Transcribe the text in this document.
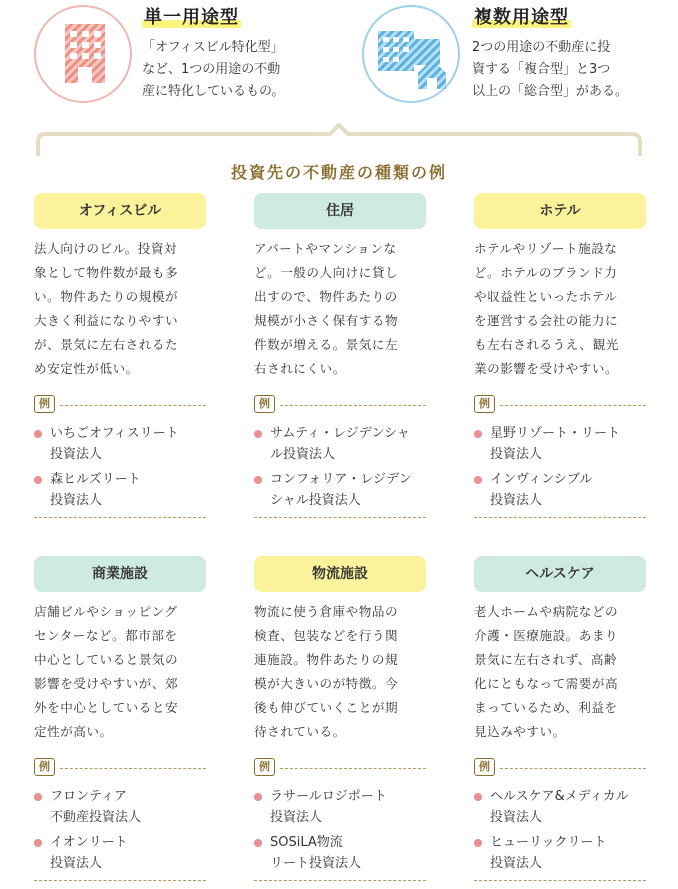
単一用途型
「オフィスビル特化型」
など、1つの用途の不動
産に特化しているもの。
複数用途型
2つの用途の不動産に投
資する「複合型」と3つ
以上の「総合型」がある。
投資先の不動産の種類の例
オフィスビル
法人向けのビル。投資対
象として物件数が最も多
い。物件あたりの規模が
大きく利益になりやすい
が、景気に左右されるた
め安定性が低い。
例
いちごオフィスリート
投資法人
森ヒルズリート
投資法人
住居
アパートやマンションな
ど。一般の人向けに貸し
出すので、物件あたりの
規模が小さく保有する物
件数が増える。景気に左
右されにくい。
例
サムティ・レジデンシャ
ル投資法人
コンフォリア・レジデン
シャル投資法人
ホテル
ホテルやリゾート施設な
ど。ホテルのブランド力
や収益性といったホテル
を運営する会社の能力に
も左右されるうえ、観光
業の影響を受けやすい。
例
星野リゾート・リート
投資法人
インヴィンシブル
投資法人
商業施設
店舗ビルやショッピング
センターなど。都市部を
中心としていると景気の
影響を受けやすいが、郊
外を中心としていると安
定性が高い。
例
フロンティア
不動産投資法人
イオンリート
投資法人
物流施設
物流に使う倉庫や物品の
検査、包装などを行う関
連施設。物件あたりの規
模が大きいのが特徴。今
後も伸びていくことが期
待されている。
例
ラサールロジポート
投資法人
SOSiLA物流
リート投資法人
ヘルスケア
老人ホームや病院などの
介護・医療施設。あまり
景気に左右されず、高齢
化にともなって需要が高
まっているため、利益を
見込みやすい。
例
ヘルスケア&メディカル
投資法人
ヒューリックリート
投資法人
